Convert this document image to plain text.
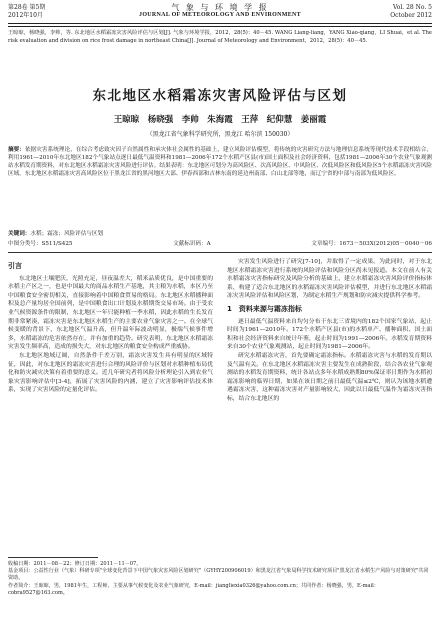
第28卷 第5期
2012年10月
气 象 与 环 境 学 报
JOURNAL OF METEOROLOGY AND ENVIRONMENT
Vol. 28 No. 5
October 2012
王晾晾，杨晓强，李帅，等. 东北地区水稻霜冻灾害风险评估与区划[J]. 气象与环境学报，2012，28(5)：40－45. WANG Liang-liang，YANG Xiao-qiang，LI Shuai，et al. The risk evaluation and division on rice frost damage in northeast China[J]. Journal of Meteorology and Environment，2012，28(5)：40－45.
东北地区水稻霜冻灾害风险评估与区划
王晾晾　杨晓强　李帅　朱海霞　王萍　纪仰慧　姜丽霞
（黑龙江省气象科学研究所，黑龙江 哈尔滨 150030）
摘要：依据灾害系统理论，在综合考虑致灾因子自然属性和承灾体社会属性的基础上，建立风险评估模型，将传统的灾害研究方法与地理信息系统等现代技术手段相结合，利用1961—2010年东北地区182个气象站点逐日最低气温资料和1981—2006年172个水稻产区县(市)国土面积及社会经济资料，包括1981—2006年30个农业气象观测站水稻发育期资料，对东北地区水稻霜冻灾害风险进行评估。结果表明：东北地区可划分为高风险区、次高风险区、中风险区、次低风险区和低风险区5个水稻霜冻灾害风险区域。东北地区水稻霜冻灾害高风险区位于黑龙江省的黑河地区大部、伊春西部和吉林东南的延边州南部、白山北部等地，而辽宁省的中部与南部为低风险区。
关键词：水稻；霜冻；风险评估与区划
中图分类号：S511/S425	文献标识码：A	文章编号：1673－503X(2012)05－0040－06
引言

东北地区土壤肥沃，光照充足，昼夜温差大，稻米品质优良，是中国重要的水稻主产区之一，也是中国最大的商品水稻生产基地，其主粮为水稻，本区乃至中国粮食安全密切相关，直接影响着中国粮食贸易的格局。东北地区水稻播种面积及总产量均居全国前列，是中国粮食出口计划及水稻期货交易市场。由于受农业气候资源条件的限制，东北地区一年只能种植一季水稻，因此水稻的生长发育期非常紧凑，霜冻灾害是东北地区水稻生产的主要农业气象灾害之一。在全球气候变暖的背景下，东北地区气温升高，但升温年际波动明显，极端气候事件增多，水稻霜冻的危害依然存在，并有加重的趋势。研究表明，东北地区水稻霜冻灾害发生频率高，造成的损失大，对东北地区的粮食安全构成严重威胁。

东北地区地域辽阔，自然条件千差万别，霜冻灾害发生具有明显的区域特征，因此，对东北地区的霜冻灾害进行合理的风险评价与区划对水稻种植布局优化和防灾减灾决策有着重要的意义。近几年研究者将风险分析理论引入到农业气象灾害影响评估中[3-4]，拓展了灾害风险的内涵，建立了灾害影响评估技术体系，实现了灾害风险的定量化评估。

灾害发生风险进行了研究[7-10]，并取得了一定成果。为此同时，对于东北地区水稻霜冻灾害进行系统的风险评估和风险分区尚未见报道。本文在前人有关水稻霜冻灾害指标研究及风险分析的基础上，建立水稻霜冻灾害风险评价指标体系，构建了适合东北地区的水稻霜冻灾害风险评估模型，并进行东北地区水稻霜冻灾害风险评估和风险区划，为制定水稻生产规划和防灾减灾提供科学参考。

1　资料来源与霜冻指标

逐日最低气温资料来自均匀分布于东北三省境内的182个国家气象站，起止时间为1961—2010年。172个水稻产区县(市)的水稻单产、播种面积、国土面积和社会经济资料来自统计年鉴，起止时间为1991—2006年。水稻发育期资料来自30个农业气象观测站，起止时间为1981—2006年。

研究水稻霜冻灾害，首先要确定霜冻指标。水稻霜冻灾害与水稻的发育期以及气温有关。在东北地区水稻霜冻灾害主要发生在成熟阶段，结合各农业气象观测站的水稻发育期资料，统计各站点多年水稻成熟期80%保证率日期作为水稻初霜冻影响的临界日期，如果在该日期之前日最低气温≤2℃，则认为该地水稻遭遇霜冻灾害，这种霜冻灾害对产量影响较大，因此以日最低气温作为霜冻灾害指标，结合东北地区的

收稿日期：2011－08－22；修订日期：2011－11－07。
基金项目：公益性行业（气象）科研专项"全球变化背景下中国气象灾害风险区划研究"（GYHY200906019）和黑龙江省气象局科学技术研究项目"黑龙江省水稻生产风险与对策研究"共同资助。
作者简介：王晾晾，男，1981年生，工程师，主要从事气候变化及农业气象研究，E-mail：jiangliexia0326@yahoo.com.cn；共同作者：杨晓强，男，E-mail：cobra9527@163.com。
